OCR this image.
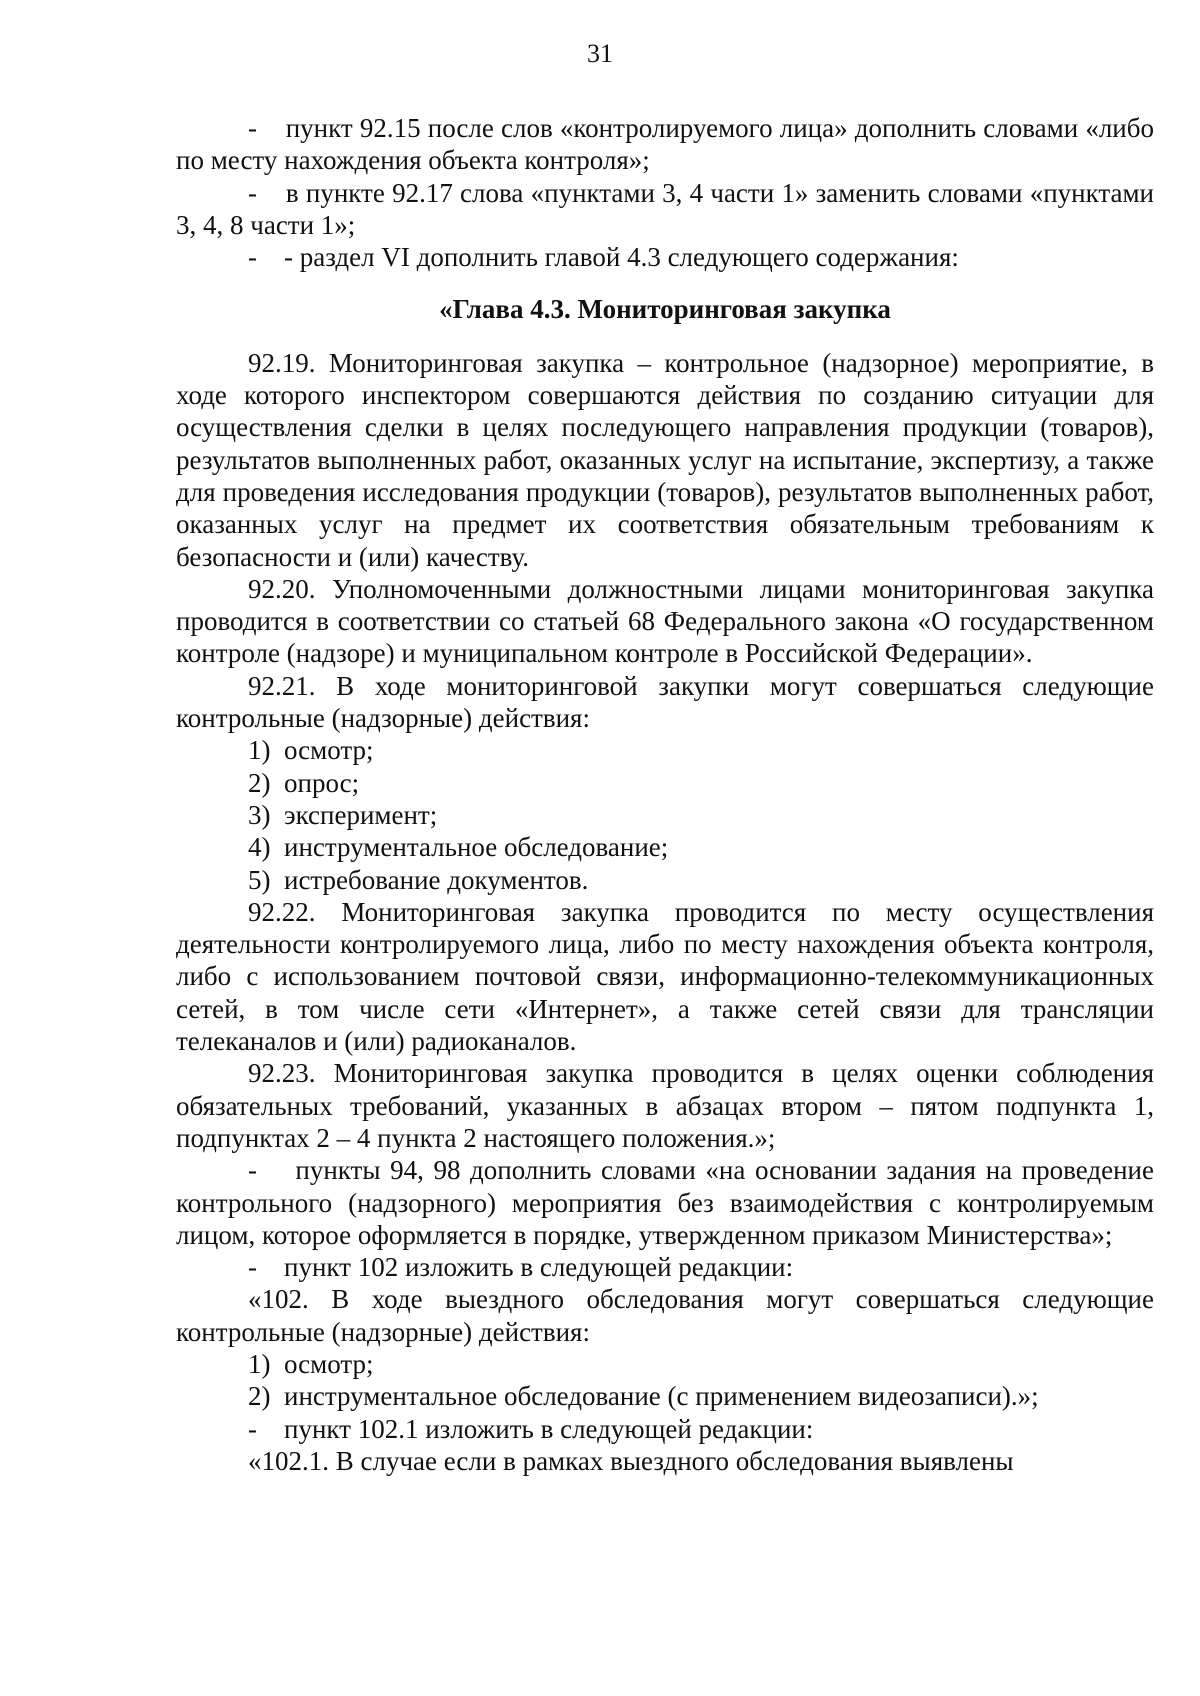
31

-    пункт 92.15 после слов «контролируемого лица» дополнить словами «либо по месту нахождения объекта контроля»;

-    в пункте 92.17 слова «пунктами 3, 4 части 1» заменить словами «пунктами 3, 4, 8 части 1»;

-    - раздел VI дополнить главой 4.3 следующего содержания:

«Глава 4.3. Мониторинговая закупка

92.19. Мониторинговая закупка – контрольное (надзорное) мероприятие, в ходе которого инспектором совершаются действия по созданию ситуации для осуществления сделки в целях последующего направления продукции (товаров), результатов выполненных работ, оказанных услуг на испытание, экспертизу, а также для проведения исследования продукции (товаров), результатов выполненных работ, оказанных услуг на предмет их соответствия обязательным требованиям к безопасности и (или) качеству.

92.20. Уполномоченными должностными лицами мониторинговая закупка проводится в соответствии со статьей 68 Федерального закона «О государственном контроле (надзоре) и муниципальном контроле в Российской Федерации».

92.21. В ходе мониторинговой закупки могут совершаться следующие контрольные (надзорные) действия:

1) осмотр;

2) опрос;

3) эксперимент;

4) инструментальное обследование;

5) истребование документов.

92.22. Мониторинговая закупка проводится по месту осуществления деятельности контролируемого лица, либо по месту нахождения объекта контроля, либо с использованием почтовой связи, информационно-телекоммуникационных сетей, в том числе сети «Интернет», а также сетей связи для трансляции телеканалов и (или) радиоканалов.

92.23. Мониторинговая закупка проводится в целях оценки соблюдения обязательных требований, указанных в абзацах втором – пятом подпункта 1, подпунктах 2 – 4 пункта 2 настоящего положения.»;

-    пункты 94, 98 дополнить словами «на основании задания на проведение контрольного (надзорного) мероприятия без взаимодействия с контролируемым лицом, которое оформляется в порядке, утвержденном приказом Министерства»;

-    пункт 102 изложить в следующей редакции:

«102. В ходе выездного обследования могут совершаться следующие контрольные (надзорные) действия:

1) осмотр;

2) инструментальное обследование (с применением видеозаписи).»;

-    пункт 102.1 изложить в следующей редакции:

«102.1. В случае если в рамках выездного обследования выявлены
